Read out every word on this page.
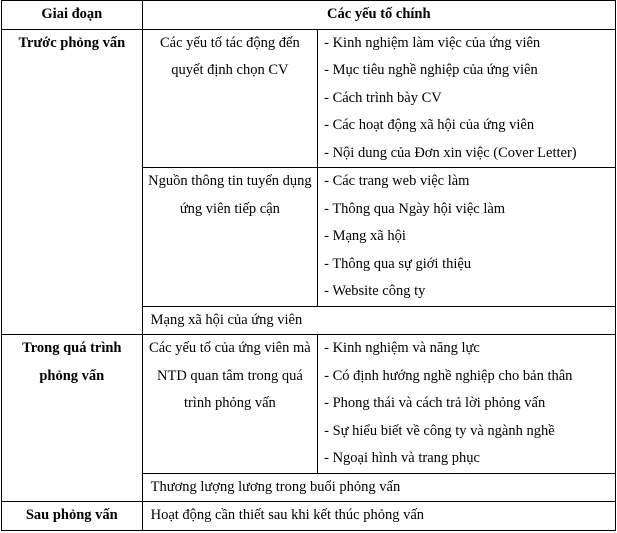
Giai đoạn	Các yếu tố chính	
Trước phỏng vấn	Các yếu tố tác động đến quyết định chọn CV	- Kinh nghiệm làm việc của ứng viên
- Mục tiêu nghề nghiệp của ứng viên
- Cách trình bày CV
- Các hoạt động xã hội của ứng viên
- Nội dung của Đơn xin việc (Cover Letter)

	Nguồn thông tin tuyển dụng ứng viên tiếp cận	- Các trang web việc làm
- Thông qua Ngày hội việc làm
- Mạng xã hội
- Thông qua sự giới thiệu
- Website công ty

	Mạng xã hội của ứng viên	
Trong quá trình phỏng vấn	Các yếu tố của ứng viên mà NTD quan tâm trong quá trình phỏng vấn	- Kinh nghiệm và năng lực
- Có định hướng nghề nghiệp cho bản thân
- Phong thái và cách trả lời phỏng vấn
- Sự hiểu biết về công ty và ngành nghề
- Ngoại hình và trang phục

	Thương lượng lương trong buổi phỏng vấn	
Sau phỏng vấn	Hoạt động cần thiết sau khi kết thúc phỏng vấn	
